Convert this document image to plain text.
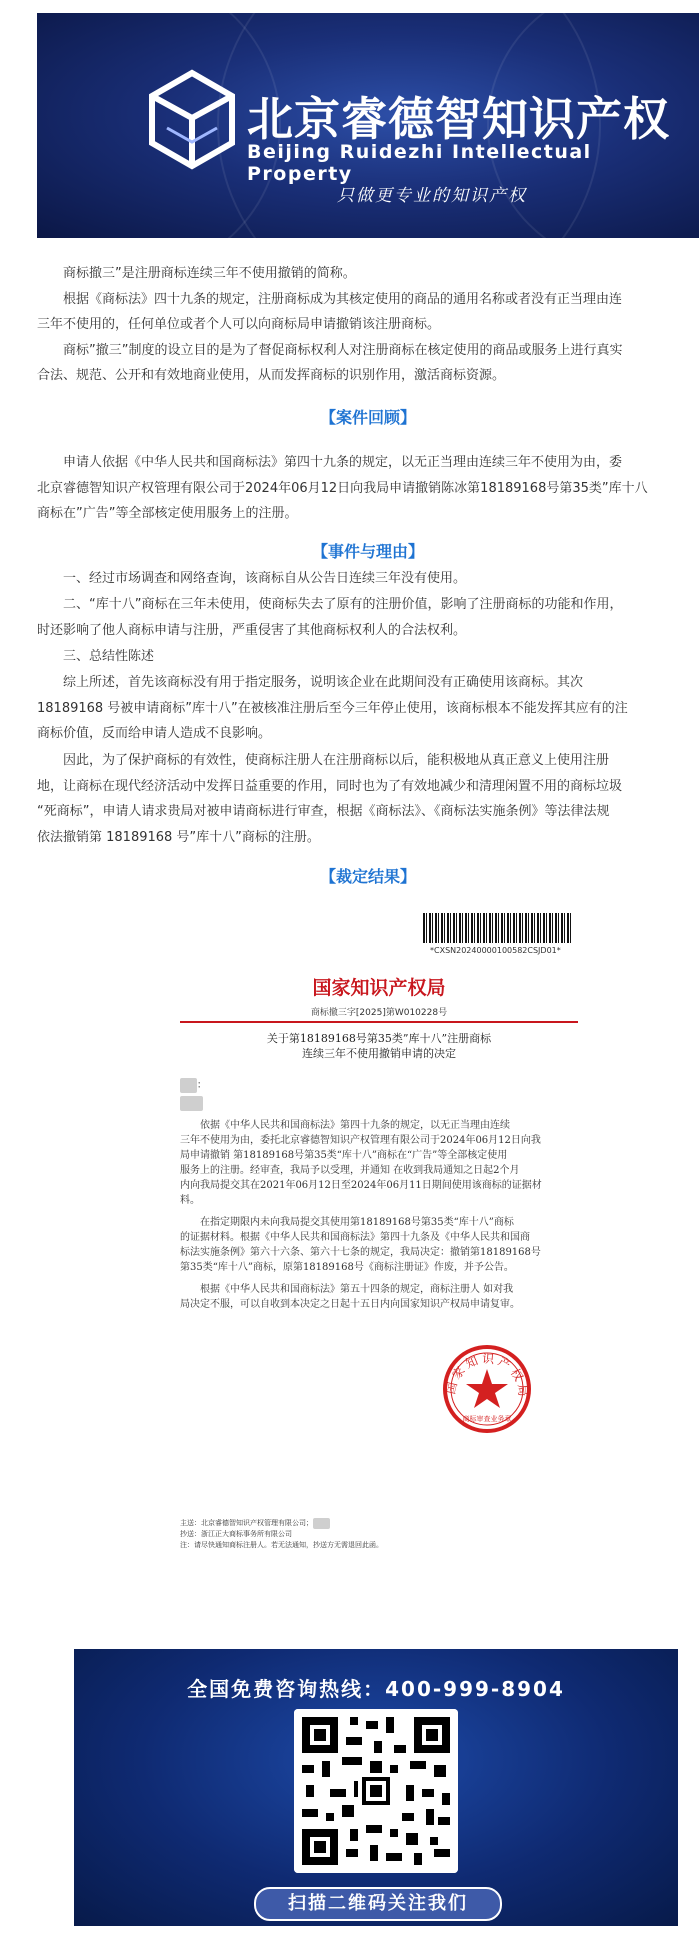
北京睿德智知识产权
Beijing Ruidezhi Intellectual Property
只做更专业的知识产权
商标撤三”是注册商标连续三年不使用撤销的简称。
根据《商标法》四十九条的规定，注册商标成为其核定使用的商品的通用名称或者没有正当理由连
三年不使用的，任何单位或者个人可以向商标局申请撤销该注册商标。
商标”撤三”制度的设立目的是为了督促商标权利人对注册商标在核定使用的商品或服务上进行真实
合法、规范、公开和有效地商业使用，从而发挥商标的识别作用，激活商标资源。
【案件回顾】
申请人依据《中华人民共和国商标法》第四十九条的规定，以无正当理由连续三年不使用为由，委
北京睿德智知识产权管理有限公司于2024年06月12日向我局申请撤销陈冰第18189168号第35类”库十八
商标在”广告”等全部核定使用服务上的注册。
【事件与理由】
一、经过市场调查和网络查询，该商标自从公告日连续三年没有使用。
二、“库十八”商标在三年未使用，使商标失去了原有的注册价值，影响了注册商标的功能和作用，
时还影响了他人商标申请与注册，严重侵害了其他商标权利人的合法权利。
三、总结性陈述
综上所述，首先该商标没有用于指定服务，说明该企业在此期间没有正确使用该商标。其次
18189168 号被申请商标”库十八”在被核准注册后至今三年停止使用，该商标根本不能发挥其应有的注
商标价值，反而给申请人造成不良影响。
因此，为了保护商标的有效性，使商标注册人在注册商标以后，能积极地从真正意义上使用注册
地，让商标在现代经济活动中发挥日益重要的作用，同时也为了有效地减少和清理闲置不用的商标垃圾
“死商标”，申请人请求贵局对被申请商标进行审查，根据《商标法》、《商标法实施条例》等法律法规
依法撤销第 18189168 号”库十八”商标的注册。
【裁定结果】
*CXSN20240000100582CSJD01*
国家知识产权局
商标撤三字[2025]第W010228号
关于第18189168号第35类”库十八”注册商标
连续三年不使用撤销申请的决定
：
依据《中华人民共和国商标法》第四十九条的规定，以无正当理由连续
三年不使用为由，委托北京睿德智知识产权管理有限公司于2024年06月12日向我
局申请撤销 第18189168号第35类“库十八”商标在“广告”等全部核定使用
服务上的注册。经审查，我局予以受理，并通知 在收到我局通知之日起2个月
内向我局提交其在2021年06月12日至2024年06月11日期间使用该商标的证据材
料。
在指定期限内未向我局提交其使用第18189168号第35类“库十八”商标
的证据材料。根据《中华人民共和国商标法》第四十九条及《中华人民共和国商
标法实施条例》第六十六条、第六十七条的规定，我局决定：撤销第18189168号
第35类“库十八”商标，原第18189168号《商标注册证》作废，并予公告。
根据《中华人民共和国商标法》第五十四条的规定，商标注册人 如对我
局决定不服，可以自收到本决定之日起十五日内向国家知识产权局申请复审。
商标审查业务章
国家知识产权局
主送：北京睿德智知识产权管理有限公司；
抄送：浙江正大商标事务所有限公司
注：请尽快通知商标注册人。若无法通知，抄送方无需退回此函。
全国免费咨询热线：400-999-8904
扫描二维码关注我们
